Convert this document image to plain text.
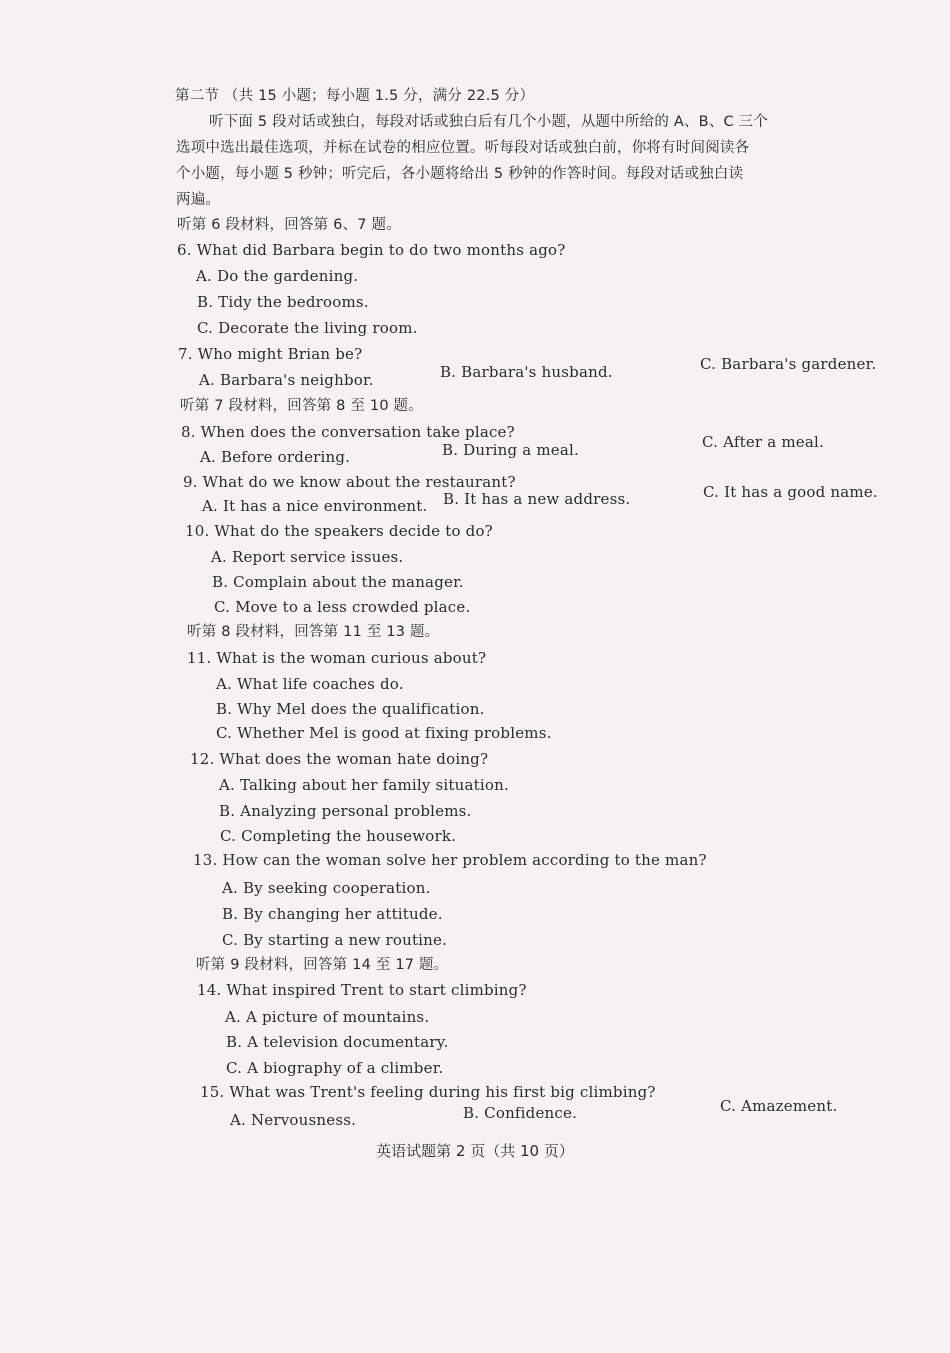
第二节 （共 15 小题；每小题 1.5 分，满分 22.5 分）
听下面 5 段对话或独白，每段对话或独白后有几个小题，从题中所给的 A、B、C 三个
选项中选出最佳选项，并标在试卷的相应位置。听每段对话或独白前，你将有时间阅读各
个小题，每小题 5 秒钟；听完后，各小题将给出 5 秒钟的作答时间。每段对话或独白读
两遍。
听第 6 段材料，回答第 6、7 题。
6. What did Barbara begin to do two months ago?
A. Do the gardening.
B. Tidy the bedrooms.
C. Decorate the living room.
7. Who might Brian be?
A. Barbara's neighbor.	B. Barbara's husband.	C. Barbara's gardener.
听第 7 段材料，回答第 8 至 10 题。
8. When does the conversation take place?
A. Before ordering.	B. During a meal.	C. After a meal.
9. What do we know about the restaurant?
A. It has a nice environment. B. It has a new address.	C. It has a good name.
10. What do the speakers decide to do?
A. Report service issues.
B. Complain about the manager.
C. Move to a less crowded place.
听第 8 段材料，回答第 11 至 13 题。
11. What is the woman curious about?
A. What life coaches do.
B. Why Mel does the qualification.
C. Whether Mel is good at fixing problems.
12. What does the woman hate doing?
A. Talking about her family situation.
B. Analyzing personal problems.
C. Completing the housework.
13. How can the woman solve her problem according to the man?
A. By seeking cooperation.
B. By changing her attitude.
C. By starting a new routine.
听第 9 段材料，回答第 14 至 17 题。
14. What inspired Trent to start climbing?
A. A picture of mountains.
B. A television documentary.
C. A biography of a climber.
15. What was Trent's feeling during his first big climbing?
A. Nervousness.	B. Confidence.	C. Amazement.
英语试题第 2 页（共 10 页）
